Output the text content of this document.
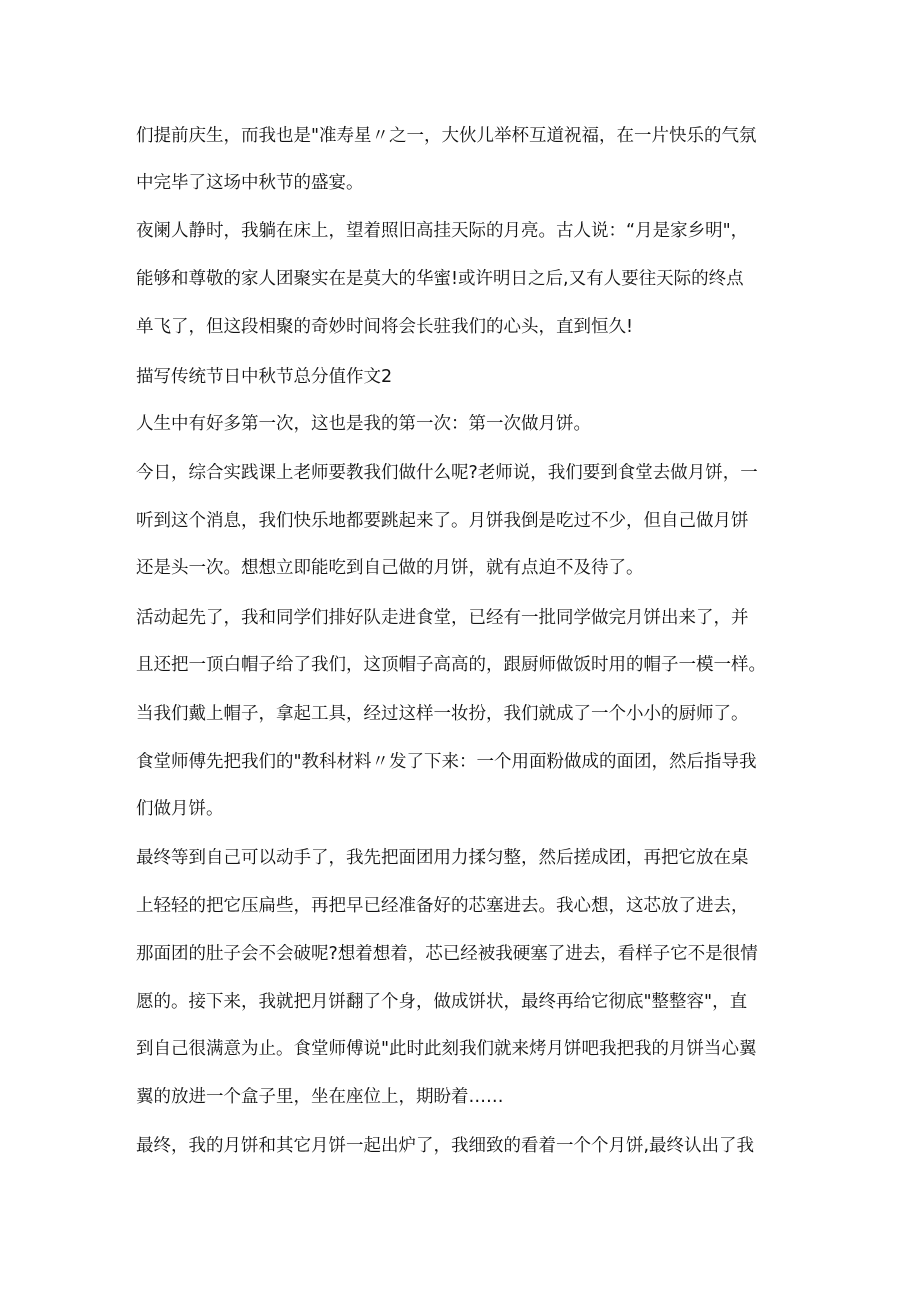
们提前庆生，而我也是"准寿星〃之一，大伙儿举杯互道祝福，在一片快乐的气氛
中完毕了这场中秋节的盛宴。
夜阑人静时，我躺在床上，望着照旧高挂天际的月亮。古人说：“月是家乡明"，
能够和尊敬的家人团聚实在是莫大的华蜜!或许明日之后,又有人要往天际的终点
单飞了，但这段相聚的奇妙时间将会长驻我们的心头，直到恒久!
描写传统节日中秋节总分值作文2
人生中有好多第一次，这也是我的第一次：第一次做月饼。
今日，综合实践课上老师要教我们做什么呢?老师说，我们要到食堂去做月饼，一
听到这个消息，我们快乐地都要跳起来了。月饼我倒是吃过不少，但自己做月饼
还是头一次。想想立即能吃到自己做的月饼，就有点迫不及待了。
活动起先了，我和同学们排好队走进食堂，已经有一批同学做完月饼出来了，并
且还把一顶白帽子给了我们，这顶帽子高高的，跟厨师做饭时用的帽子一模一样。
当我们戴上帽子，拿起工具，经过这样一妆扮，我们就成了一个小小的厨师了。
食堂师傅先把我们的"教科材料〃发了下来：一个用面粉做成的面团，然后指导我
们做月饼。
最终等到自己可以动手了，我先把面团用力揉匀整，然后搓成团，再把它放在桌
上轻轻的把它压扁些，再把早已经准备好的芯塞进去。我心想，这芯放了进去，
那面团的肚子会不会破呢?想着想着，芯已经被我硬塞了进去，看样子它不是很情
愿的。接下来，我就把月饼翻了个身，做成饼状，最终再给它彻底"整整容"，直
到自己很满意为止。食堂师傅说"此时此刻我们就来烤月饼吧我把我的月饼当心翼
翼的放进一个盒子里，坐在座位上，期盼着……
最终，我的月饼和其它月饼一起出炉了，我细致的看着一个个月饼,最终认出了我
